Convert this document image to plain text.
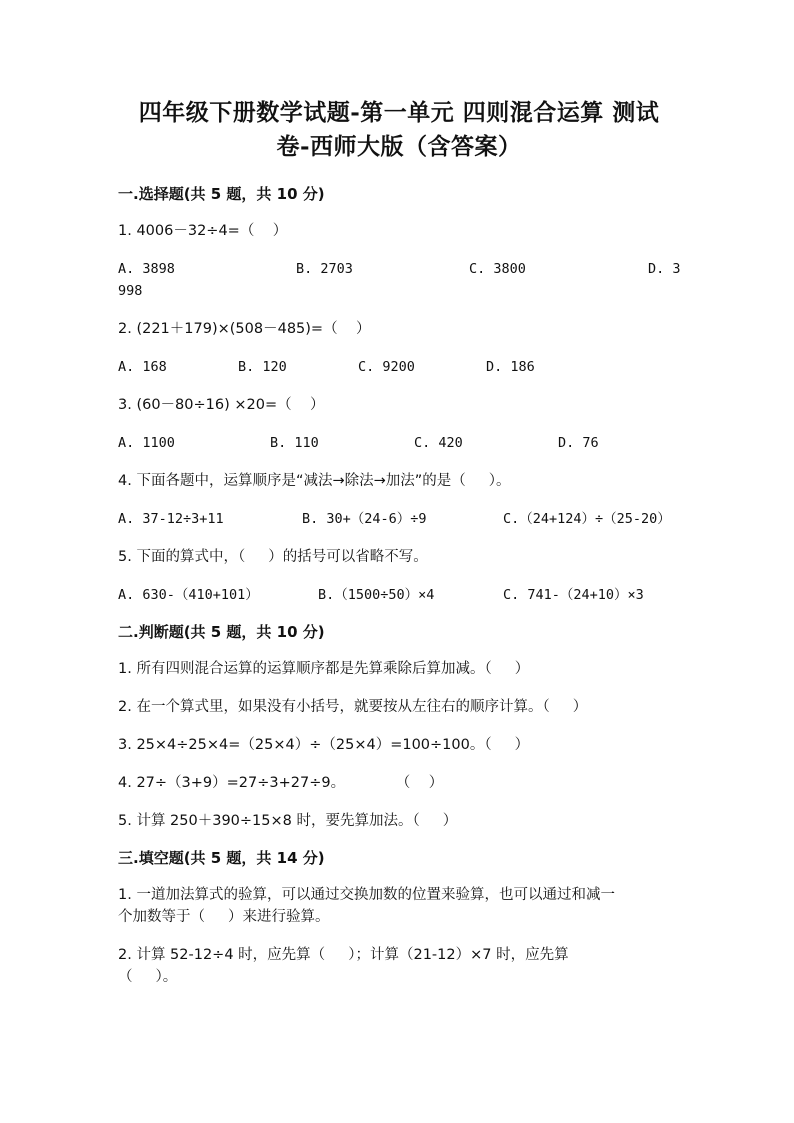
四年级下册数学试题-第一单元 四则混合运算 测试
卷-西师大版（含答案）
一.选择题(共 5 题，共 10 分)
1. 4006－32÷4=（    ）
A. 3898	B. 2703	C. 3800	D. 3
998
2. (221＋179)×(508－485)=（    ）
A. 168	B. 120	C. 9200	D. 186
3. (60－80÷16) ×20=（    ）
A. 1100	B. 110	C. 420	D. 76
4. 下面各题中，运算顺序是“减法→除法→加法”的是（     ）。
A. 37-12÷3+11	B. 30+（24-6）÷9	C.（24+124）÷（25-20）
5. 下面的算式中，（     ）的括号可以省略不写。
A. 630-（410+101）	B.（1500÷50）×4	C. 741-（24+10）×3
二.判断题(共 5 题，共 10 分)
1. 所有四则混合运算的运算顺序都是先算乘除后算加减。（     ）
2. 在一个算式里，如果没有小括号，就要按从左往右的顺序计算。（     ）
3. 25×4÷25×4=（25×4）÷（25×4）=100÷100。（     ）
4. 27÷（3+9）=27÷3+27÷9。           （    ）
5. 计算 250＋390÷15×8 时，要先算加法。（     ）
三.填空题(共 5 题，共 14 分)
1. 一道加法算式的验算，可以通过交换加数的位置来验算，也可以通过和减一
个加数等于（     ）来进行验算。
2. 计算 52-12÷4 时，应先算（     ）；计算（21-12）×7 时，应先算
（     ）。
